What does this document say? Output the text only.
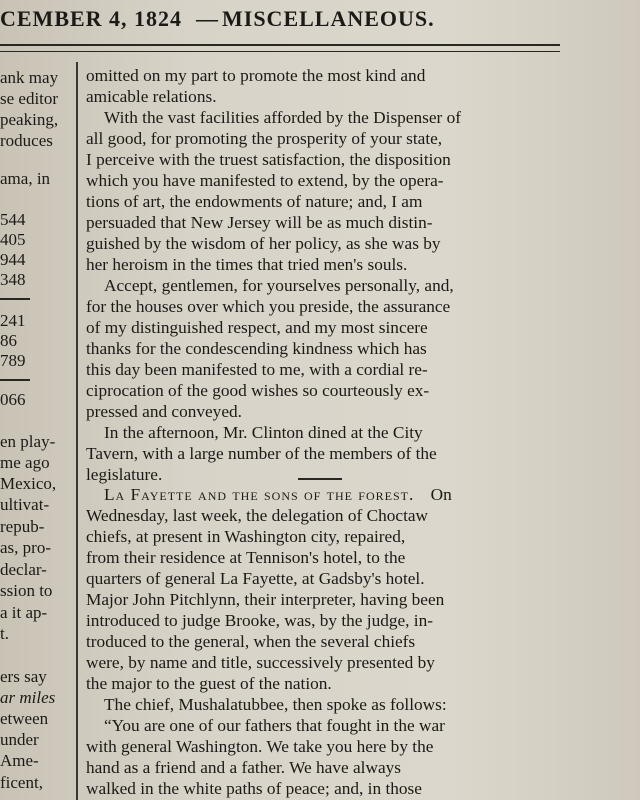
CEMBER 4, 1824 — MISCELLANEOUS.
ank may
se editor
peaking,
roduces
ama, in
544
405
944
348
241
86
789
066
en play-
me ago
Mexico,
ultivat-
repub-
as, pro-
declar-
ssion to
a it ap-
t.
ers say
ar miles
etween
under
Ame-
ficent,
omitted on my part to promote the most kind and
amicable relations.
With the vast facilities afforded by the Dispenser of
all good, for promoting the prosperity of your state,
I perceive with the truest satisfaction, the disposition
which you have manifested to extend, by the opera-
tions of art, the endowments of nature; and, I am
persuaded that New Jersey will be as much distin-
guished by the wisdom of her policy, as she was by
her heroism in the times that tried men's souls.
Accept, gentlemen, for yourselves personally, and,
for the houses over which you preside, the assurance
of my distinguished respect, and my most sincere
thanks for the condescending kindness which has
this day been manifested to me, with a cordial re-
ciprocation of the good wishes so courteously ex-
pressed and conveyed.
In the afternoon, Mr. Clinton dined at the City
Tavern, with a large number of the members of the
legislature.
La Fayette and the sons of the forest. On
Wednesday, last week, the delegation of Choctaw
chiefs, at present in Washington city, repaired,
from their residence at Tennison's hotel, to the
quarters of general La Fayette, at Gadsby's hotel.
Major John Pitchlynn, their interpreter, having been
introduced to judge Brooke, was, by the judge, in-
troduced to the general, when the several chiefs
were, by name and title, successively presented by
the major to the guest of the nation.
The chief, Mushalatubbee, then spoke as follows:
“You are one of our fathers that fought in the war
with general Washington. We take you here by the
hand as a friend and a father. We have always
walked in the white paths of peace; and, in those
